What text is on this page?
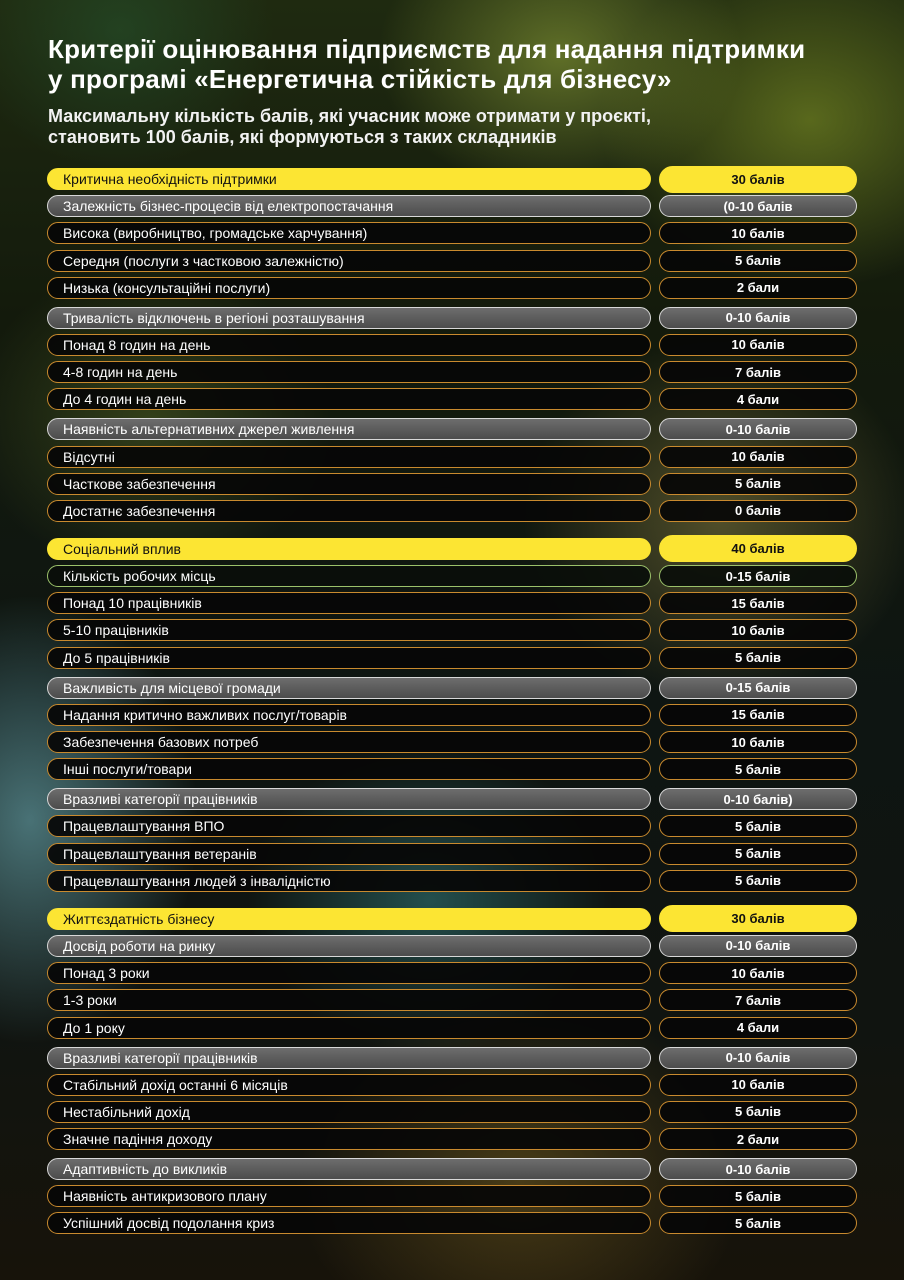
Критерії оцінювання підприємств для надання підтримки
у програмі «Енергетична стійкість для бізнесу»

Максимальну кількість балів, які учасник може отримати у проєкті,
становить 100 балів, які формуються з таких складників

Критична необхідність підтримки	30 балів
Залежність бізнес-процесів від електропостачання	(0-10 балів
Висока (виробництво, громадське харчування)	10 балів
Середня (послуги з частковою залежністю)	5 балів
Низька (консультаційні послуги)	2 бали
Тривалість відключень в регіоні розташування	0-10 балів
Понад 8 годин на день	10 балів
4-8 годин на день	7 балів
До 4 годин на день	4 бали
Наявність альтернативних джерел живлення	0-10 балів
Відсутні	10 балів
Часткове забезпечення	5 балів
Достатнє забезпечення	0 балів
Соціальний вплив	40 балів
Кількість робочих місць	0-15 балів
Понад 10 працівників	15 балів
5-10 працівників	10 балів
До 5 працівників	5 балів
Важливість для місцевої громади	0-15 балів
Надання критично важливих послуг/товарів	15 балів
Забезпечення базових потреб	10 балів
Інші послуги/товари	5 балів
Вразливі категорії працівників	0-10 балів)
Працевлаштування ВПО	5 балів
Працевлаштування ветеранів	5 балів
Працевлаштування людей з інвалідністю	5 балів
Життєздатність бізнесу	30 балів
Досвід роботи на ринку	0-10 балів
Понад 3 роки	10 балів
1-3 роки	7 балів
До 1 року	4 бали
Вразливі категорії працівників	0-10 балів
Стабільний дохід останні 6 місяців	10 балів
Нестабільний дохід	5 балів
Значне падіння доходу	2 бали
Адаптивність до викликів	0-10 балів
Наявність антикризового плану	5 балів
Успішний досвід подолання криз	5 балів
